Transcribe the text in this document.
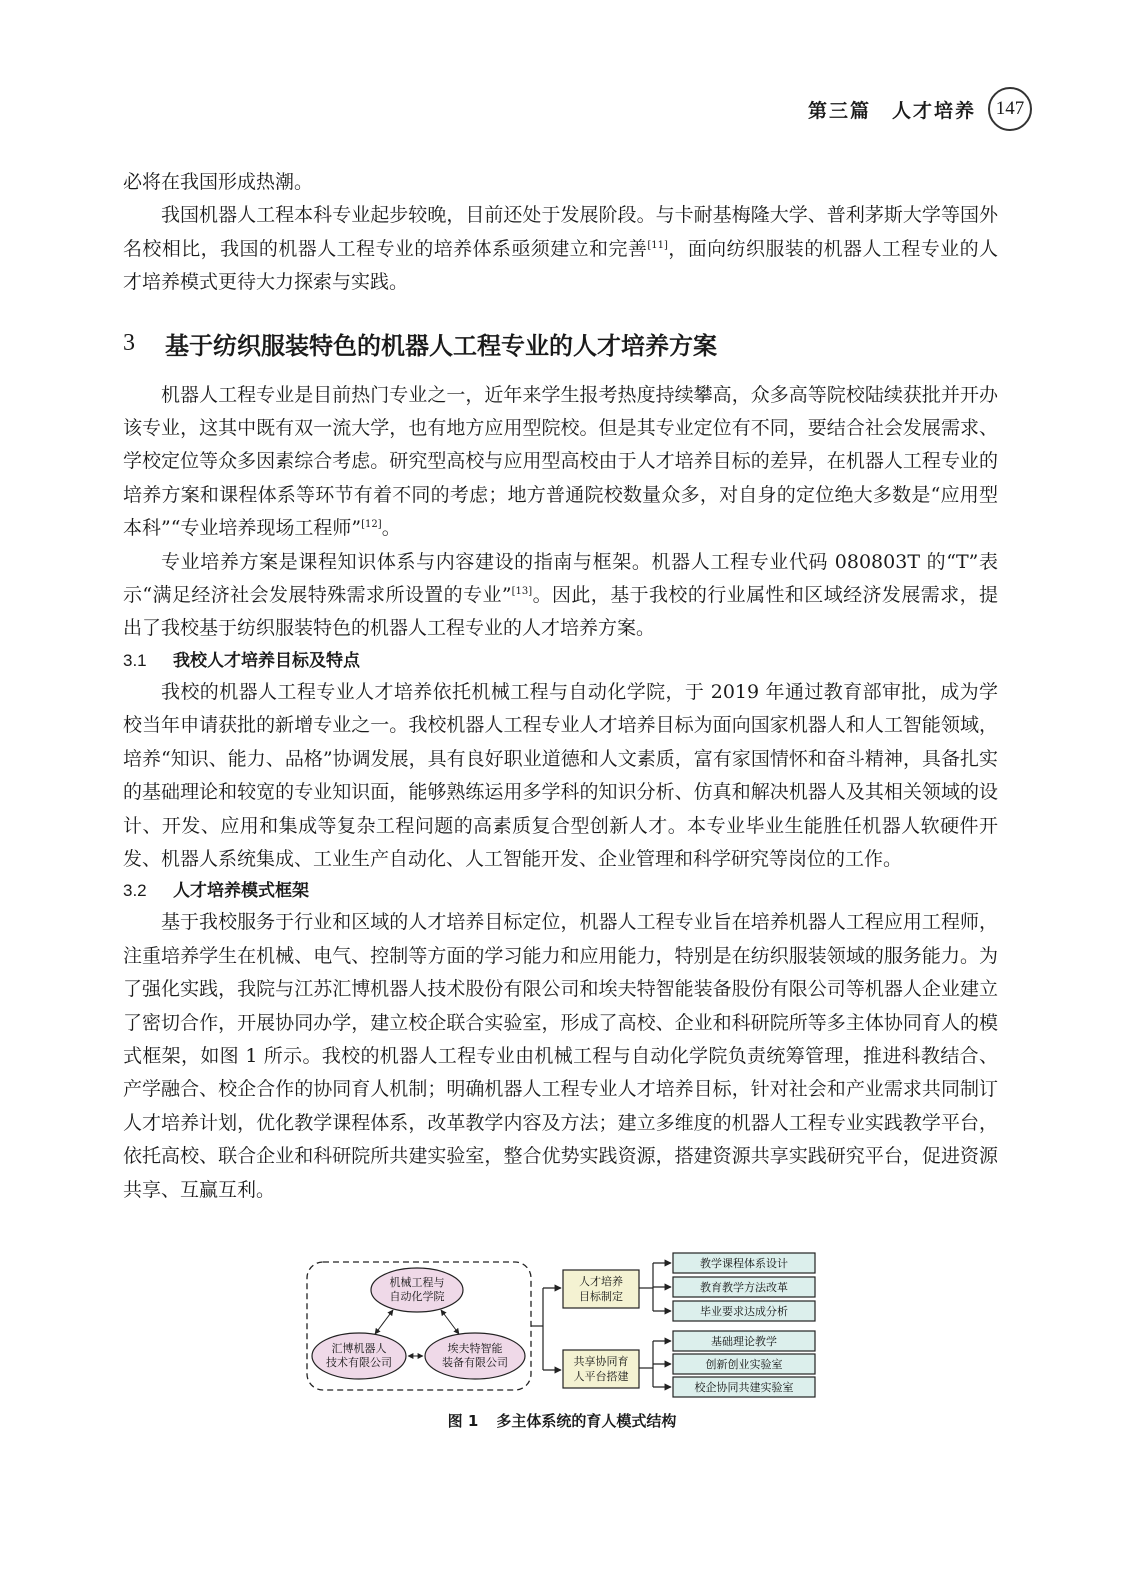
第三篇　人才培养	147

必将在我国形成热潮。

我国机器人工程本科专业起步较晚，目前还处于发展阶段。与卡耐基梅隆大学、普利茅斯大学等国外名校相比，我国的机器人工程专业的培养体系亟须建立和完善[11]，面向纺织服装的机器人工程专业的人才培养模式更待大力探索与实践。

3	基于纺织服装特色的机器人工程专业的人才培养方案

机器人工程专业是目前热门专业之一，近年来学生报考热度持续攀高，众多高等院校陆续获批并开办该专业，这其中既有双一流大学，也有地方应用型院校。但是其专业定位有不同，要结合社会发展需求、学校定位等众多因素综合考虑。研究型高校与应用型高校由于人才培养目标的差异，在机器人工程专业的培养方案和课程体系等环节有着不同的考虑；地方普通院校数量众多，对自身的定位绝大多数是“应用型本科”“专业培养现场工程师”[12]。

专业培养方案是课程知识体系与内容建设的指南与框架。机器人工程专业代码 080803T 的“T”表示“满足经济社会发展特殊需求所设置的专业”[13]。因此，基于我校的行业属性和区域经济发展需求，提出了我校基于纺织服装特色的机器人工程专业的人才培养方案。

3.1 我校人才培养目标及特点

我校的机器人工程专业人才培养依托机械工程与自动化学院，于 2019 年通过教育部审批，成为学校当年申请获批的新增专业之一。我校机器人工程专业人才培养目标为面向国家机器人和人工智能领域，培养“知识、能力、品格”协调发展，具有良好职业道德和人文素质，富有家国情怀和奋斗精神，具备扎实的基础理论和较宽的专业知识面，能够熟练运用多学科的知识分析、仿真和解决机器人及其相关领域的设计、开发、应用和集成等复杂工程问题的高素质复合型创新人才。本专业毕业生能胜任机器人软硬件开发、机器人系统集成、工业生产自动化、人工智能开发、企业管理和科学研究等岗位的工作。

3.2 人才培养模式框架

基于我校服务于行业和区域的人才培养目标定位，机器人工程专业旨在培养机器人工程应用工程师，注重培养学生在机械、电气、控制等方面的学习能力和应用能力，特别是在纺织服装领域的服务能力。为了强化实践，我院与江苏汇博机器人技术股份有限公司和埃夫特智能装备股份有限公司等机器人企业建立了密切合作，开展协同办学，建立校企联合实验室，形成了高校、企业和科研院所等多主体协同育人的模式框架，如图 1 所示。我校的机器人工程专业由机械工程与自动化学院负责统筹管理，推进科教结合、产学融合、校企合作的协同育人机制；明确机器人工程专业人才培养目标，针对社会和产业需求共同制订人才培养计划，优化教学课程体系，改革教学内容及方法；建立多维度的机器人工程专业实践教学平台，依托高校、联合企业和科研院所共建实验室，整合优势实践资源，搭建资源共享实践研究平台，促进资源共享、互赢互利。

机械工程与
自动化学院
汇博机器人
技术有限公司
埃夫特智能
装备有限公司
人才培养
目标制定
共享协同育
人平台搭建
教学课程体系设计
教育教学方法改革
毕业要求达成分析
基础理论教学
创新创业实验室
校企协同共建实验室
图 1 多主体系统的育人模式结构
